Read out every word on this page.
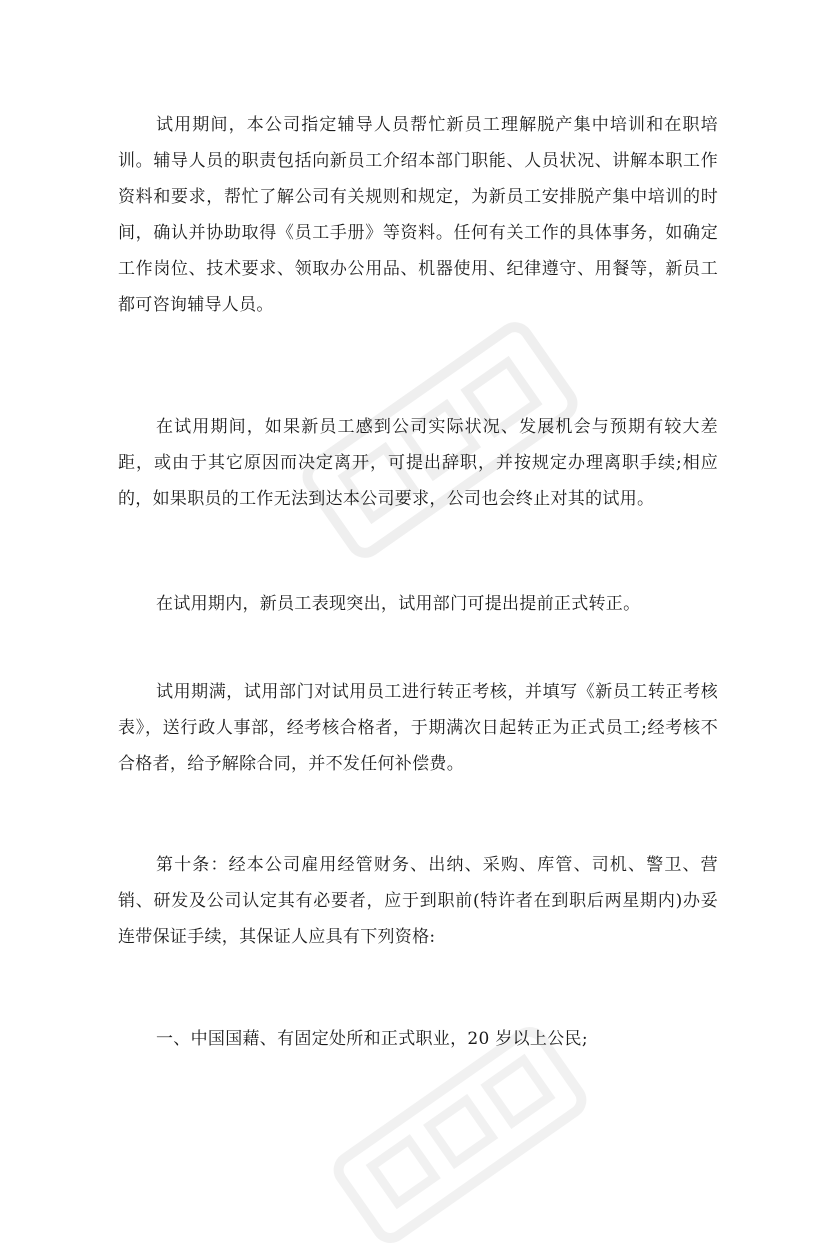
试用期间，本公司指定辅导人员帮忙新员工理解脱产集中培训和在职培训。辅导人员的职责包括向新员工介绍本部门职能、人员状况、讲解本职工作资料和要求，帮忙了解公司有关规则和规定，为新员工安排脱产集中培训的时间，确认并协助取得《员工手册》等资料。任何有关工作的具体事务，如确定工作岗位、技术要求、领取办公用品、机器使用、纪律遵守、用餐等，新员工都可咨询辅导人员。

在试用期间，如果新员工感到公司实际状况、发展机会与预期有较大差距，或由于其它原因而决定离开，可提出辞职，并按规定办理离职手续;相应的，如果职员的工作无法到达本公司要求，公司也会终止对其的试用。

在试用期内，新员工表现突出，试用部门可提出提前正式转正。

试用期满，试用部门对试用员工进行转正考核，并填写《新员工转正考核表》，送行政人事部，经考核合格者，于期满次日起转正为正式员工;经考核不合格者，给予解除合同，并不发任何补偿费。

第十条：经本公司雇用经管财务、出纳、采购、库管、司机、警卫、营销、研发及公司认定其有必要者，应于到职前(特许者在到职后两星期内)办妥连带保证手续，其保证人应具有下列资格:

一、中国国藉、有固定处所和正式职业，20 岁以上公民;
